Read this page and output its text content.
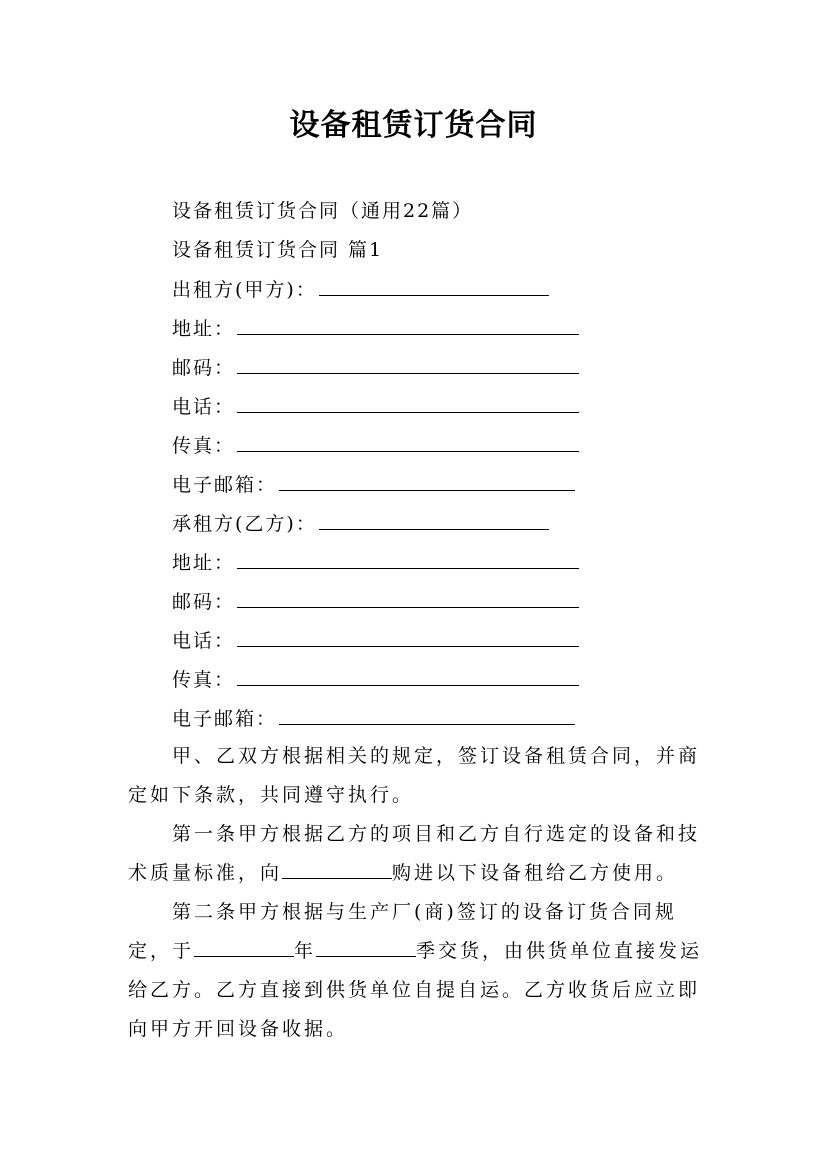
设备租赁订货合同
设备租赁订货合同（通用22篇）
设备租赁订货合同 篇1
出租方(甲方)：
地址：
邮码：
电话：
传真：
电子邮箱：
承租方(乙方)：
地址：
邮码：
电话：
传真：
电子邮箱：
甲、乙双方根据相关的规定，签订设备租赁合同，并商定如下条款，共同遵守执行。
第一条甲方根据乙方的项目和乙方自行选定的设备和技术质量标准，向	购进以下设备租给乙方使用。
第二条甲方根据与生产厂(商)签订的设备订货合同规定，于	年	季交货，由供货单位直接发运给乙方。乙方直接到供货单位自提自运。乙方收货后应立即向甲方开回设备收据。
